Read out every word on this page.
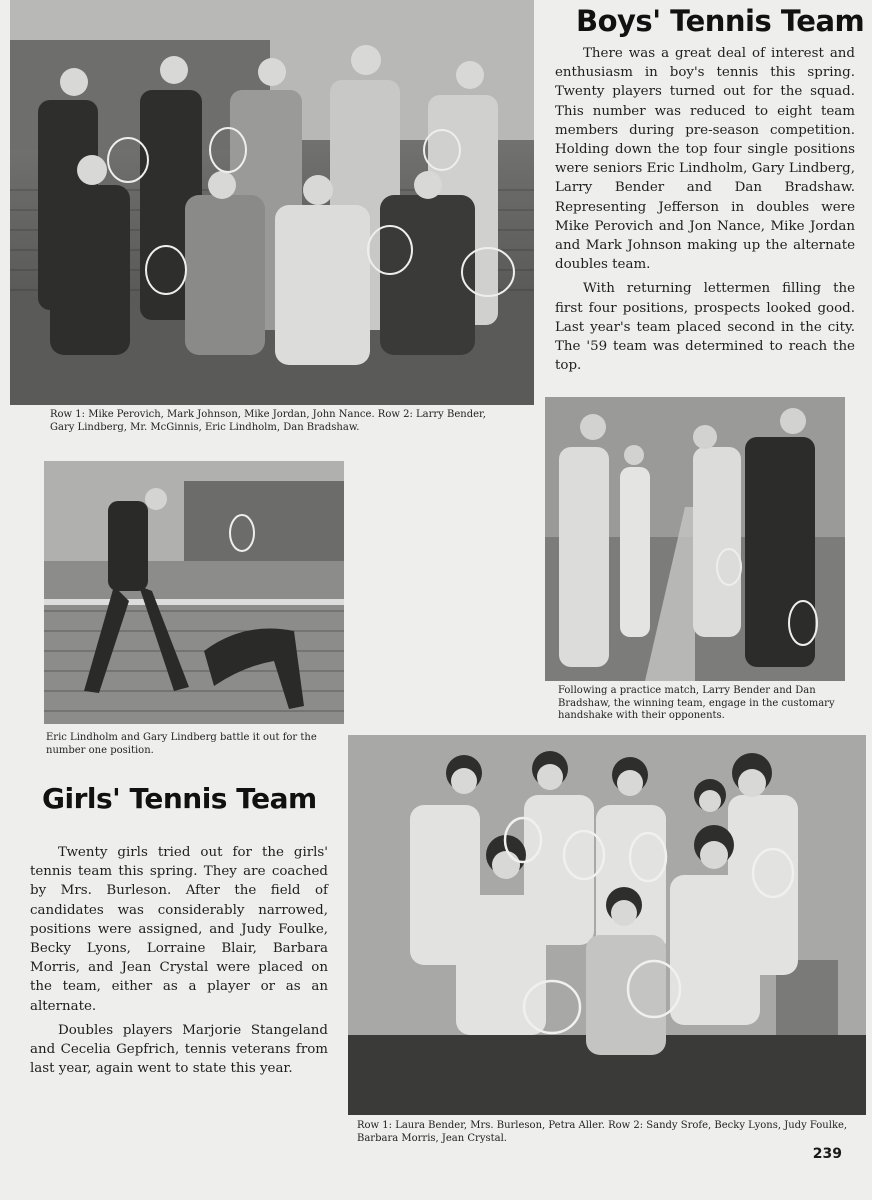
Row 1: Mike Perovich, Mark Johnson, Mike Jordan, John Nance. Row 2: Larry Bender, Gary Lindberg, Mr. McGinnis, Eric Lindholm, Dan Bradshaw.

Boys' Tennis Team

There was a great deal of interest and enthusiasm in boy's tennis this spring. Twenty players turned out for the squad. This number was reduced to eight team members during pre-season competition. Holding down the top four single positions were seniors Eric Lindholm, Gary Lindberg, Larry Bender and Dan Bradshaw. Representing Jefferson in doubles were Mike Perovich and Jon Nance, Mike Jordan and Mark Johnson making up the alternate doubles team.

With returning lettermen filling the first four positions, prospects looked good. Last year's team placed second in the city. The '59 team was determined to reach the top.

Eric Lindholm and Gary Lindberg battle it out for the number one position.

Following a practice match, Larry Bender and Dan Bradshaw, the winning team, engage in the customary handshake with their opponents.

Girls' Tennis Team

Twenty girls tried out for the girls' tennis team this spring. They are coached by Mrs. Burleson. After the field of candidates was considerably narrowed, positions were assigned, and Judy Foulke, Becky Lyons, Lorraine Blair, Barbara Morris, and Jean Crystal were placed on the team, either as a player or as an alternate.

Doubles players Marjorie Stangeland and Cecelia Gepfrich, tennis veterans from last year, again went to state this year.

Row 1: Laura Bender, Mrs. Burleson, Petra Aller. Row 2: Sandy Srofe, Becky Lyons, Judy Foulke, Barbara Morris, Jean Crystal.

239
